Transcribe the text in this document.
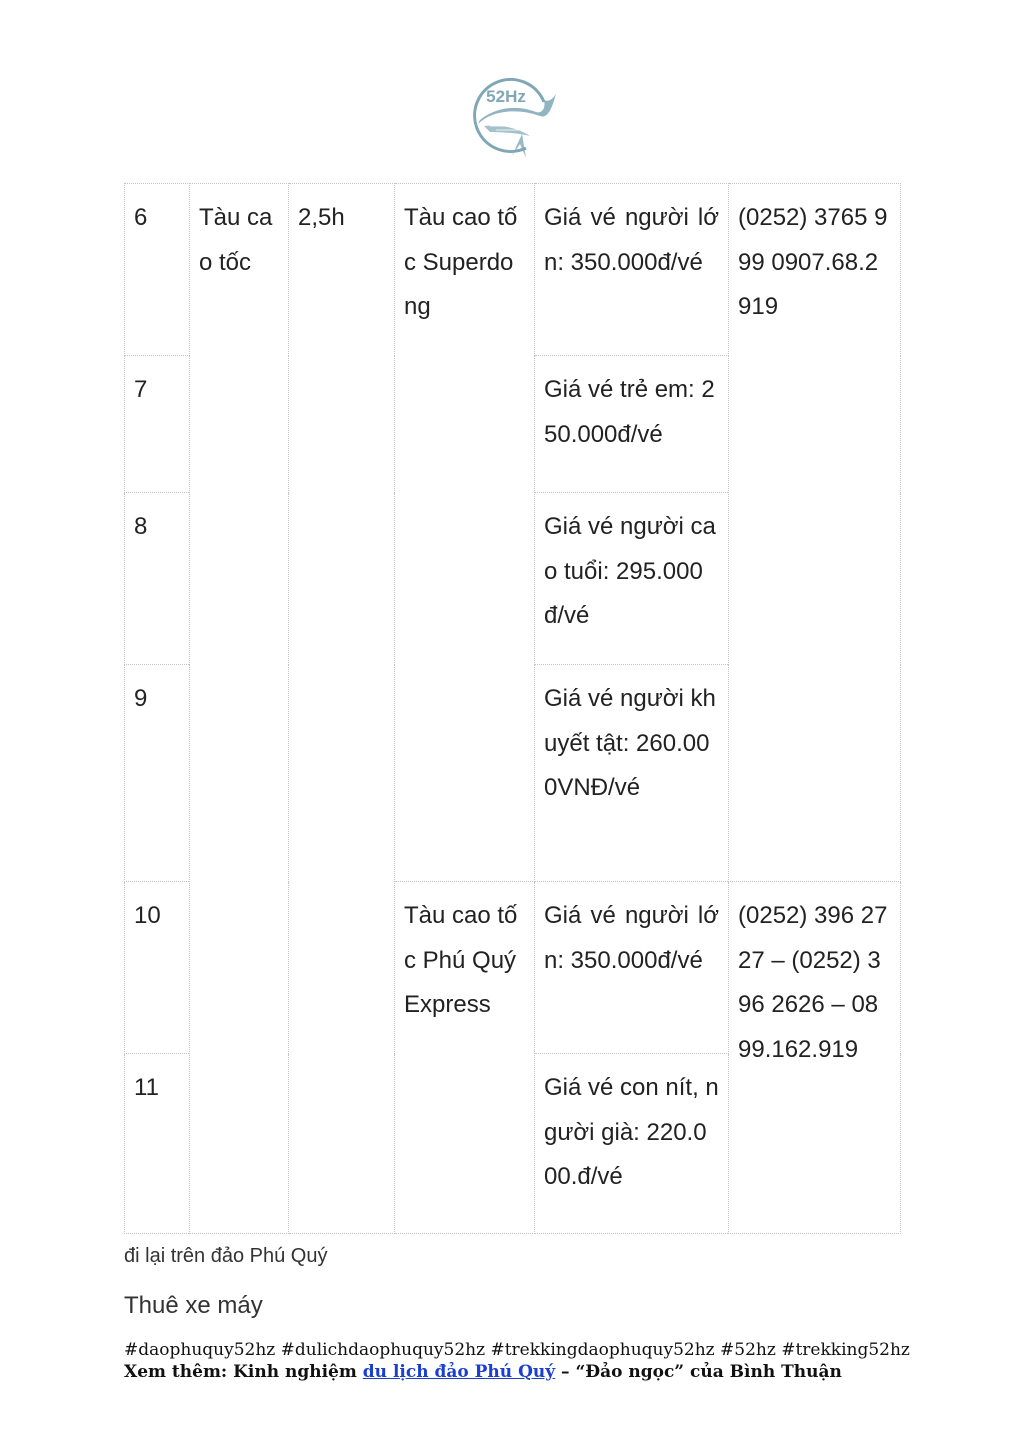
52Hz
6	Tàu cao tốc	2,5h	Tàu cao tốc Superdong	Giá vé người lớn: 350.000đ/vé	(0252) 3765 999 0907.68.2919
7				Giá vé trẻ em: 250.000đ/vé	
8				Giá vé người cao tuổi: 295.000đ/vé	
9				Giá vé người khuyết tật: 260.000VNĐ/vé	
10			Tàu cao tốc Phú Quý Express	Giá vé người lớn: 350.000đ/vé	(0252) 396 2727 – (0252) 396 2626 – 0899.162.919
11				Giá vé con nít, người già: 220.000.đ/vé	
đi lại trên đảo Phú Quý
Thuê xe máy
#daophuquy52hz #dulichdaophuquy52hz #trekkingdaophuquy52hz #52hz #trekking52hz
Xem thêm: Kinh nghiệm du lịch đảo Phú Quý – “Đảo ngọc” của Bình Thuận
